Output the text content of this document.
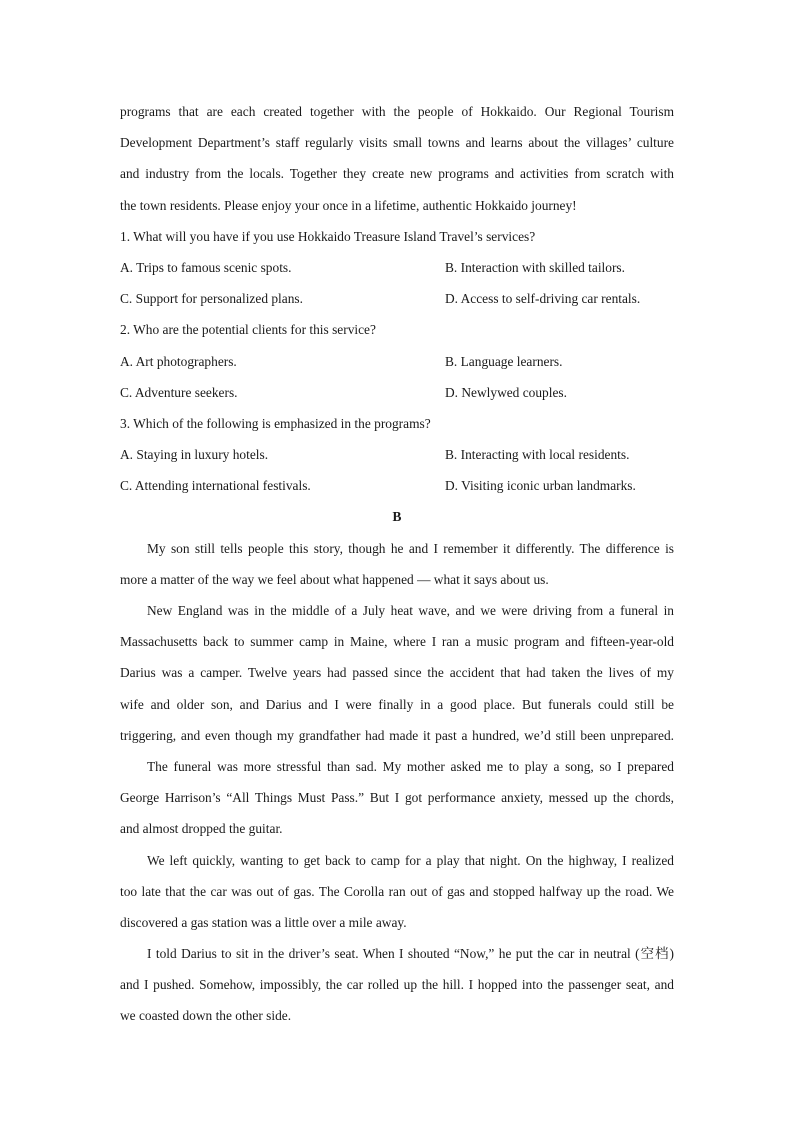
programs that are each created together with the people of Hokkaido. Our Regional Tourism
Development Department’s staff regularly visits small towns and learns about the villages’ culture
and industry from the locals. Together they create new programs and activities from scratch with
the town residents. Please enjoy your once in a lifetime, authentic Hokkaido journey!
1. What will you have if you use Hokkaido Treasure Island Travel’s services?
A. Trips to famous scenic spots.	B. Interaction with skilled tailors.
C. Support for personalized plans.	D. Access to self-driving car rentals.
2. Who are the potential clients for this service?
A. Art photographers.	B. Language learners.
C. Adventure seekers.	D. Newlywed couples.
3. Which of the following is emphasized in the programs?
A. Staying in luxury hotels.	B. Interacting with local residents.
C. Attending international festivals.	D. Visiting iconic urban landmarks.
B
My son still tells people this story, though he and I remember it differently. The difference is
more a matter of the way we feel about what happened — what it says about us.
New England was in the middle of a July heat wave, and we were driving from a funeral in
Massachusetts back to summer camp in Maine, where I ran a music program and fifteen-year-old
Darius was a camper. Twelve years had passed since the accident that had taken the lives of my
wife and older son, and Darius and I were finally in a good place. But funerals could still be
triggering, and even though my grandfather had made it past a hundred, we’d still been unprepared.
The funeral was more stressful than sad. My mother asked me to play a song, so I prepared
George Harrison’s “All Things Must Pass.” But I got performance anxiety, messed up the chords,
and almost dropped the guitar.
We left quickly, wanting to get back to camp for a play that night. On the highway, I realized
too late that the car was out of gas. The Corolla ran out of gas and stopped halfway up the road. We
discovered a gas station was a little over a mile away.
I told Darius to sit in the driver’s seat. When I shouted “Now,” he put the car in neutral (空档)
and I pushed. Somehow, impossibly, the car rolled up the hill. I hopped into the passenger seat, and
we coasted down the other side.
